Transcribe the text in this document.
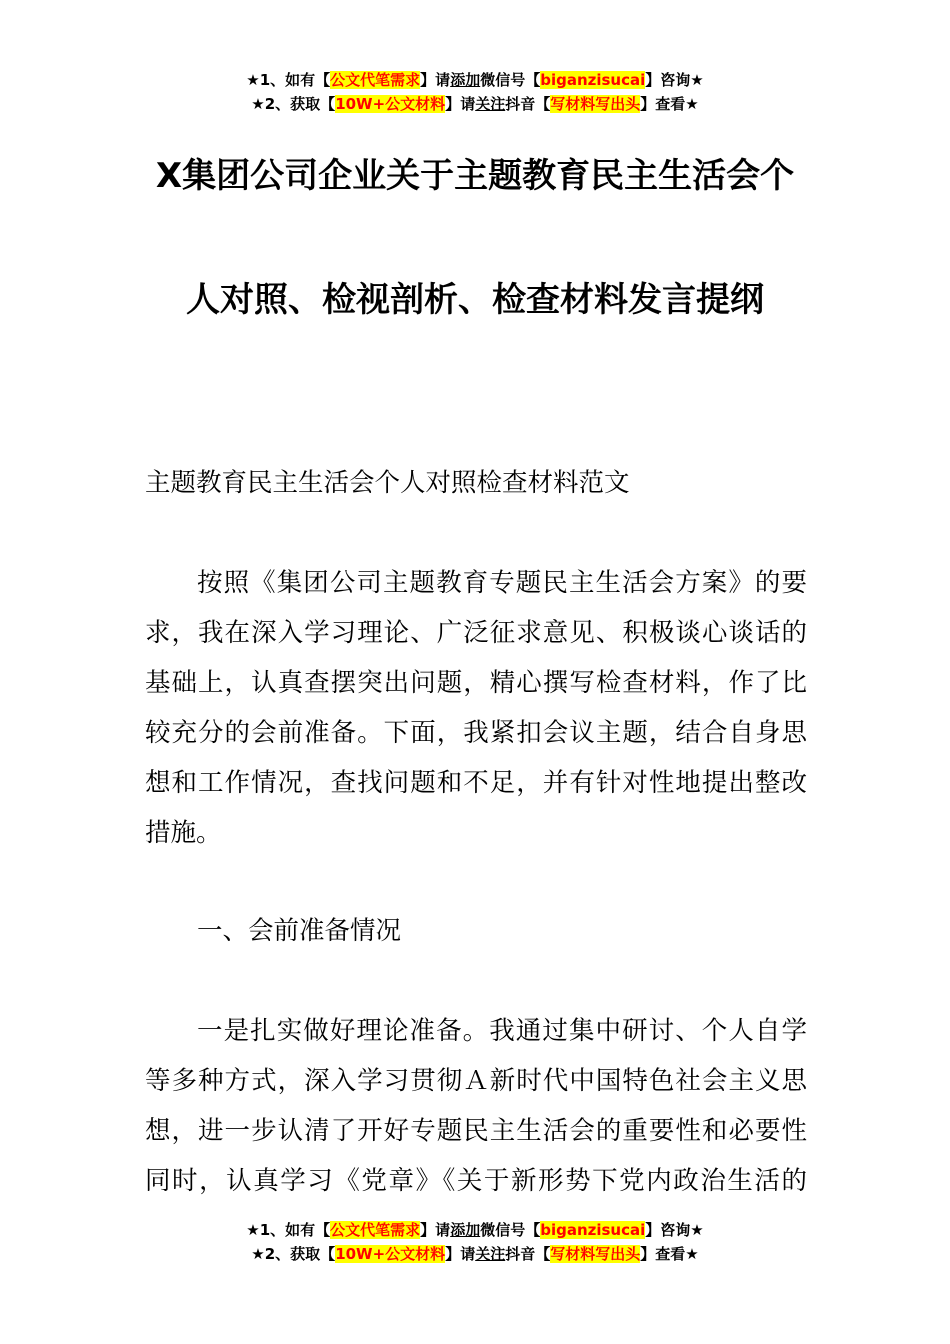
★1、如有【公文代笔需求】请添加微信号【biganzisucai】咨询★
★2、获取【10W+公文材料】请关注抖音【写材料写出头】查看★
X集团公司企业关于主题教育民主生活会个
人对照、检视剖析、检查材料发言提纲
主题教育民主生活会个人对照检查材料范文
按照《集团公司主题教育专题民主生活会方案》的要
求，我在深入学习理论、广泛征求意见、积极谈心谈话的
基础上，认真查摆突出问题，精心撰写检查材料，作了比
较充分的会前准备。下面，我紧扣会议主题，结合自身思
想和工作情况，查找问题和不足，并有针对性地提出整改
措施。
一、会前准备情况
一是扎实做好理论准备。我通过集中研讨、个人自学
等多种方式，深入学习贯彻Ａ新时代中国特色社会主义思
想，进一步认清了开好专题民主生活会的重要性和必要性
同时，认真学习《党章》《关于新形势下党内政治生活的
★1、如有【公文代笔需求】请添加微信号【biganzisucai】咨询★
★2、获取【10W+公文材料】请关注抖音【写材料写出头】查看★
